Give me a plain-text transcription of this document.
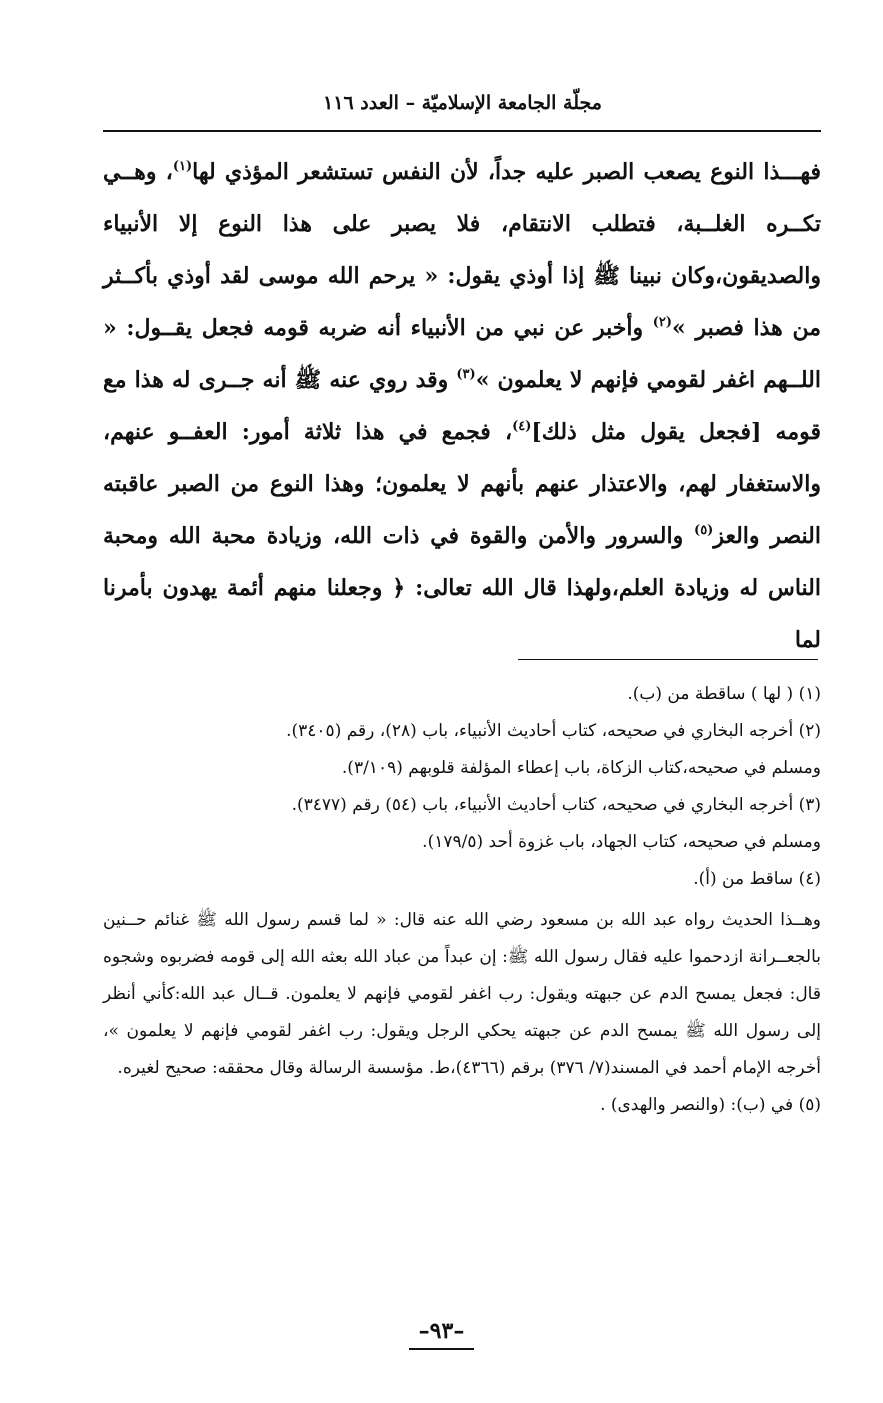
مجلّة الجامعة الإسلاميّة – العدد ١١٦

فهـــذا النوع يصعب الصبر عليه جداً، لأن النفس تستشعر المؤذي لها$^{(١)}$، وهــي تكــره الغلــبة، فتطلب الانتقام، فلا يصبر على هذا النوع إلا الأنبياء والصديقون،وكان نبينا ﷺ إذا أوذي يقول: « يرحم الله موسى لقد أوذي بأكــثر من هذا فصبر »$^{(٢)}$ وأخبر عن نبي من الأنبياء أنه ضربه قومه فجعل يقــول: « اللــهم اغفر لقومي فإنهم لا يعلمون »$^{(٣)}$ وقد روي عنه ﷺ أنه جــرى له هذا مع قومه [فجعل يقول مثل ذلك]$^{(٤)}$، فجمع في هذا ثلاثة أمور: العفــو عنهم، والاستغفار لهم، والاعتذار عنهم بأنهم لا يعلمون؛ وهذا النوع من الصبر عاقبته النصر والعز$^{(٥)}$ والسرور والأمن والقوة في ذات الله، وزيادة محبة الله ومحبة الناس له وزيادة العلم،ولهذا قال الله تعالى: ﴿ وجعلنا منهم أئمة يهدون بأمرنا لما

(١) ( لها ) ساقطة من (ب).

(٢) أخرجه البخاري في صحيحه، كتاب أحاديث الأنبياء، باب (٢٨)، رقم (٣٤٠٥).

ومسلم في صحيحه،كتاب الزكاة، باب إعطاء المؤلفة قلوبهم (٣/١٠٩).

(٣) أخرجه البخاري في صحيحه، كتاب أحاديث الأنبياء، باب (٥٤) رقم (٣٤٧٧).

ومسلم في صحيحه، كتاب الجهاد، باب غزوة أحد (١٧٩/٥).

(٤) ساقط من (أ).

وهــذا الحديث رواه عبد الله بن مسعود رضي الله عنه قال: « لما قسم رسول الله ﷺ غنائم حــنين بالجعــرانة ازدحموا عليه فقال رسول الله ﷺ: إن عبداً من عباد الله بعثه الله إلى قومه فضربوه وشجوه قال: فجعل يمسح الدم عن جبهته ويقول: رب اغفر لقومي فإنهم لا يعلمون. قــال عبد الله:كأني أنظر إلى رسول الله ﷺ يمسح الدم عن جبهته يحكي الرجل ويقول: رب اغفر لقومي فإنهم لا يعلمون »، أخرجه الإمام أحمد في المسند(٧/ ٣٧٦) برقم (٤٣٦٦)،ط. مؤسسة الرسالة وقال محققه: صحيح لغيره.

(٥) في (ب): (والنصر والهدى) .

–٩٣–
